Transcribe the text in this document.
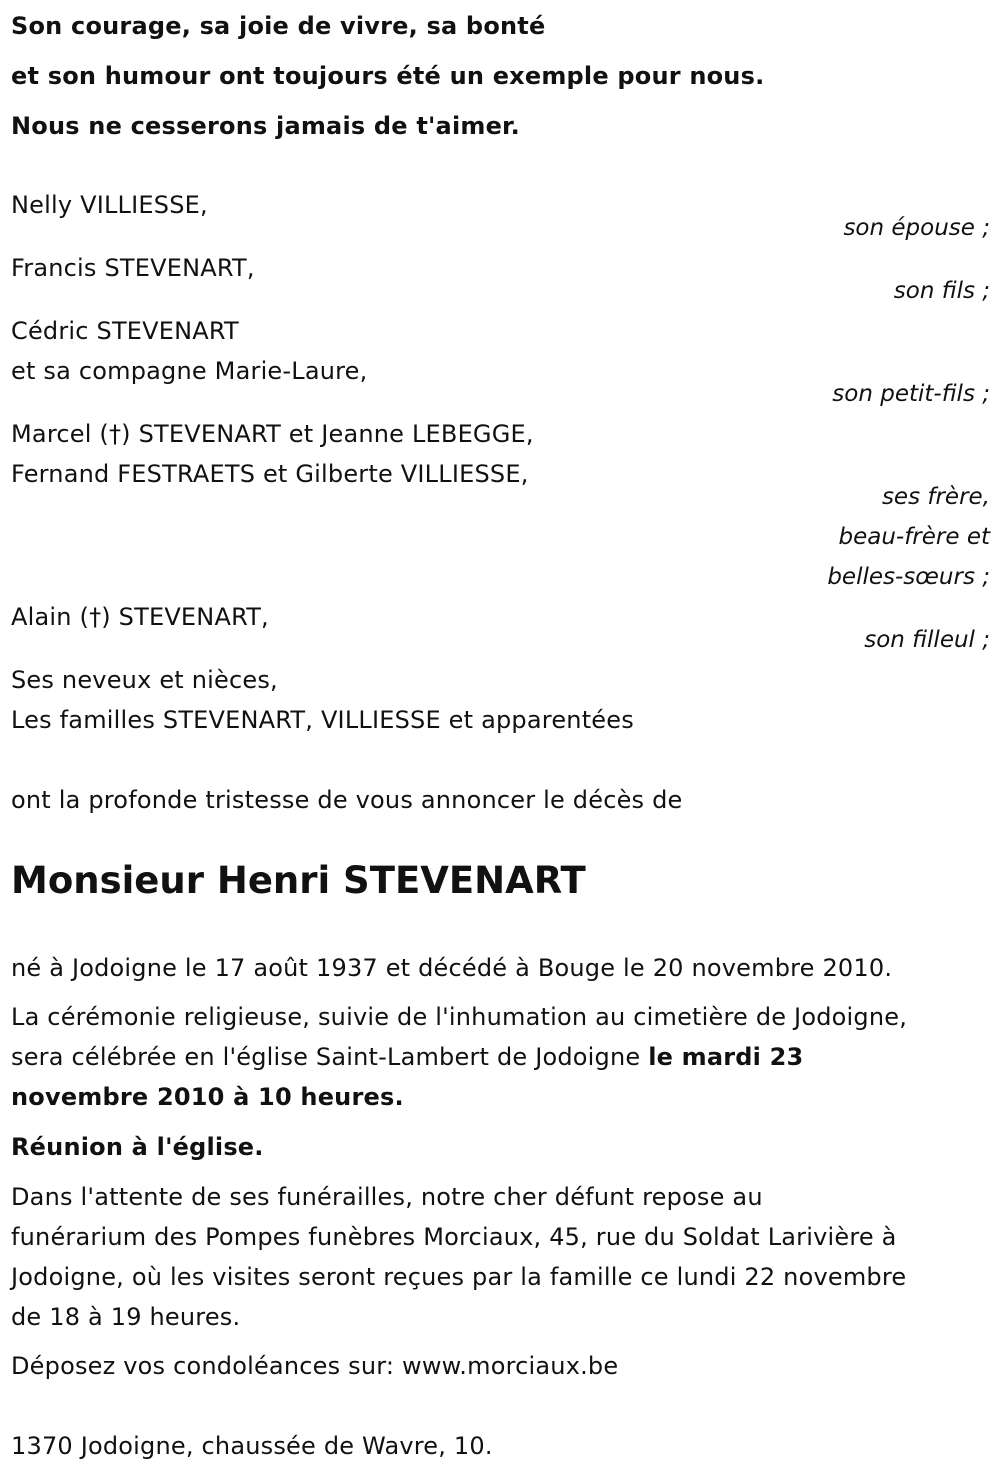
Son courage, sa joie de vivre, sa bonté

et son humour ont toujours été un exemple pour nous.

Nous ne cesserons jamais de t'aimer.

Nelly VILLIESSE,

son épouse ;

Francis STEVENART,

son fils ;

Cédric STEVENART

et sa compagne Marie-Laure,

son petit-fils ;

Marcel (†) STEVENART et Jeanne LEBEGGE,

Fernand FESTRAETS et Gilberte VILLIESSE,

ses frère,

beau-frère et

belles-sœurs ;

Alain (†) STEVENART,

son filleul ;

Ses neveux et nièces,

Les familles STEVENART, VILLIESSE et apparentées

ont la profonde tristesse de vous annoncer le décès de

Monsieur Henri STEVENART

né à Jodoigne le 17 août 1937 et décédé à Bouge le 20 novembre 2010.

La cérémonie religieuse, suivie de l'inhumation au cimetière de Jodoigne,

sera célébrée en l'église Saint-Lambert de Jodoigne le mardi 23

novembre 2010 à 10 heures.

Réunion à l'église.

Dans l'attente de ses funérailles, notre cher défunt repose au

funérarium des Pompes funèbres Morciaux, 45, rue du Soldat Larivière à

Jodoigne, où les visites seront reçues par la famille ce lundi 22 novembre

de 18 à 19 heures.

Déposez vos condoléances sur: www.morciaux.be

1370 Jodoigne, chaussée de Wavre, 10.
